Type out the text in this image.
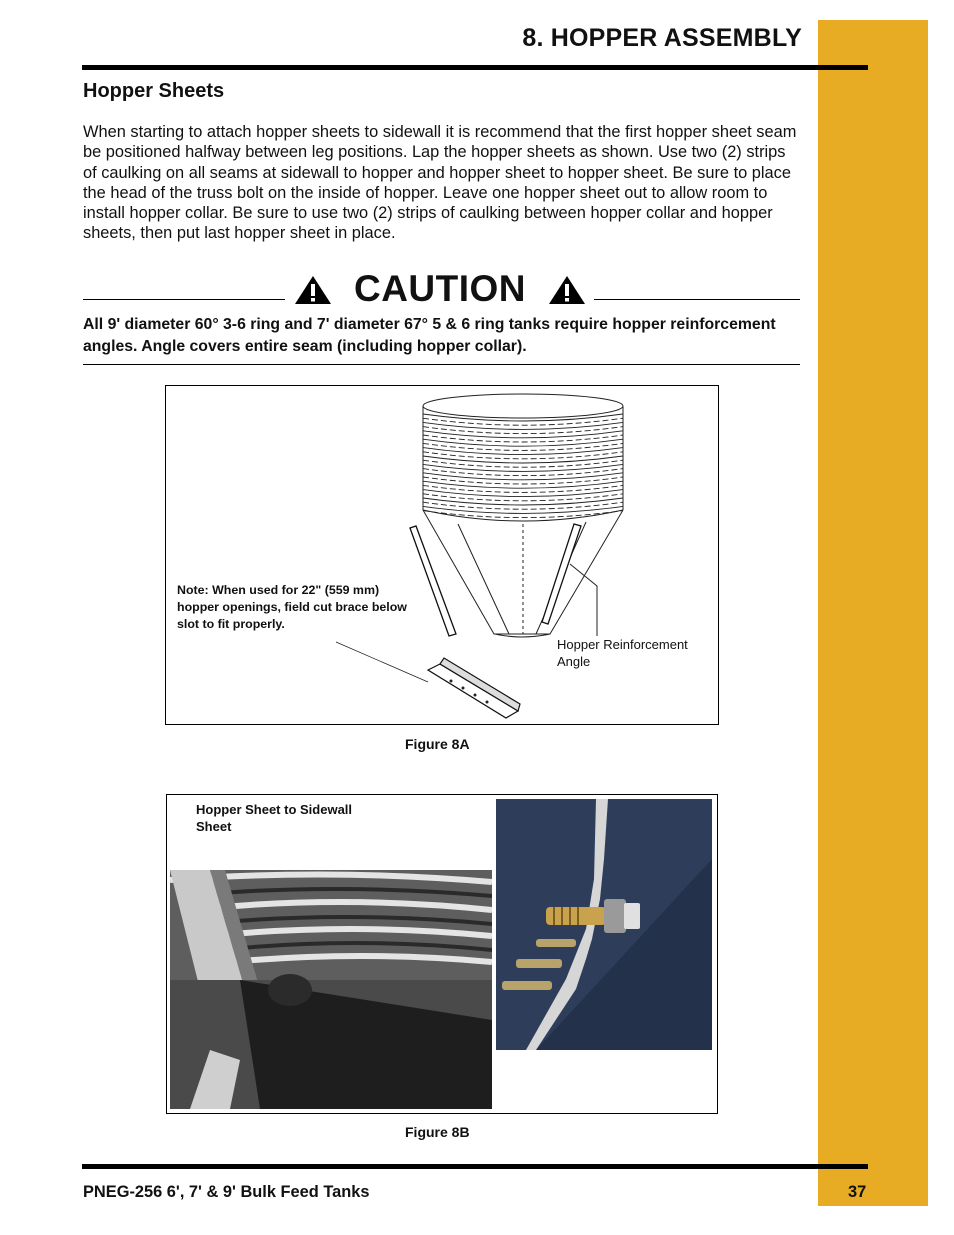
8. HOPPER ASSEMBLY
Hopper Sheets

When starting to attach hopper sheets to sidewall it is recommend that the first hopper sheet seam be positioned halfway between leg positions. Lap the hopper sheets as shown. Use two (2) strips of caulking on all seams at sidewall to hopper and hopper sheet to hopper sheet. Be sure to place the head of the truss bolt on the inside of hopper. Leave one hopper sheet out to allow room to install hopper collar. Be sure to use two (2) strips of caulking between hopper collar and hopper sheets, then put last hopper sheet in place.

CAUTION

All 9' diameter 60° 3-6 ring and 7' diameter 67° 5 & 6 ring tanks require hopper reinforcement angles. Angle covers entire seam (including hopper collar).

Note: When used for 22" (559 mm) hopper openings, field cut brace below slot to fit properly.
Hopper Reinforcement Angle
Figure 8A
Hopper Sheet to Sidewall Sheet
Figure 8B
PNEG-256 6', 7' & 9' Bulk Feed Tanks	37
